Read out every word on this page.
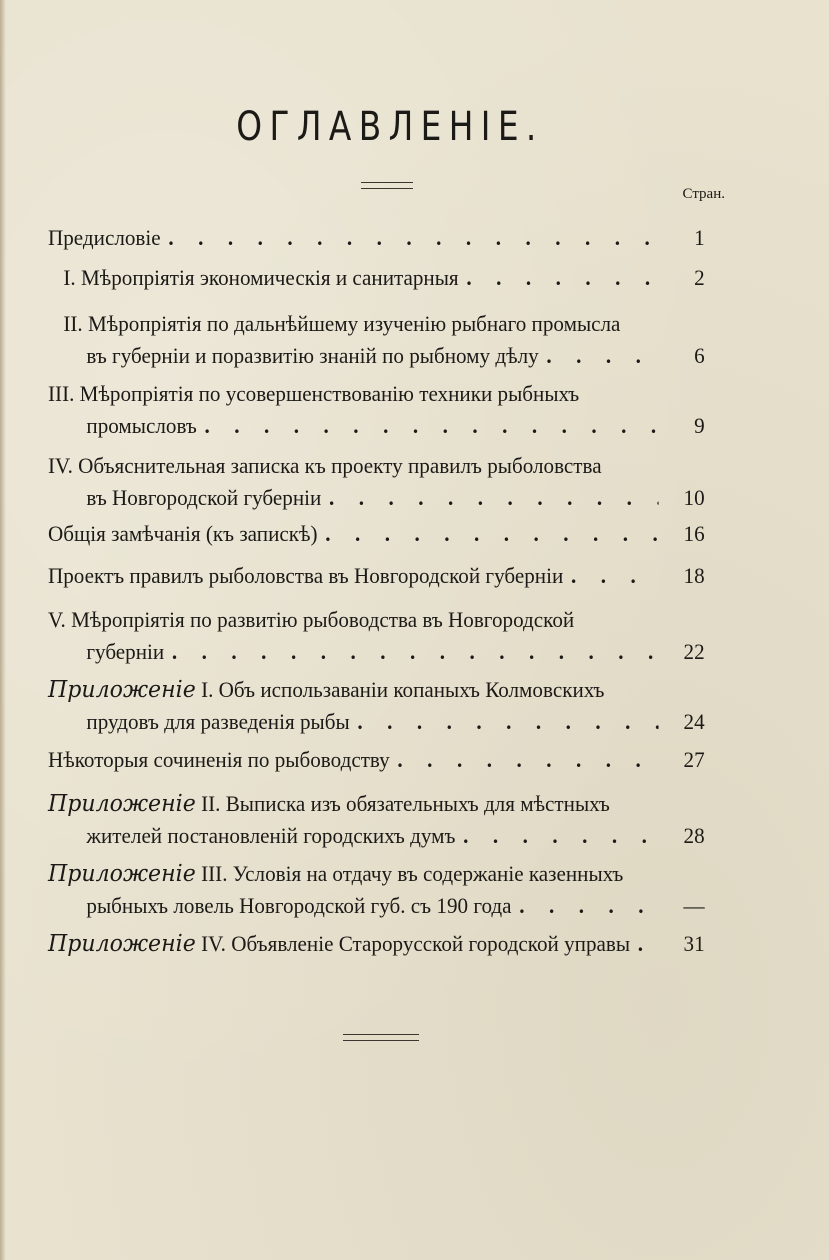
ОГЛАВЛЕНІЕ.
Стран.
Предисловіе . . .	1
I. Мѣропріятія экономическія и санитарныя . . .	2
II. Мѣропріятія по дальнѣйшему изученію рыбнаго промысла
въ губерніи и поразвитію знаній по рыбному дѣлу . . .	6
III. Мѣропріятія по усовершенствованію техники рыбныхъ
промысловъ . . .	9
IV. Объяснительная записка къ проекту правилъ рыболовства
въ Новгородской губерніи . . .	10
Общія замѣчанія (къ запискѣ) . . .	16
Проектъ правилъ рыболовства въ Новгородской губерніи . . .	18
V. Мѣропріятія по развитію рыбоводства въ Новгородской
губерніи . . .	22
Приложеніе I. Объ использаваніи копаныхъ Колмовскихъ
прудовъ для разведенія рыбы . . .	24
Нѣкоторыя сочиненія по рыбоводству . . .	27
Приложеніе II. Выписка изъ обязательныхъ для мѣстныхъ
жителей постановленій городскихъ думъ . . .	28
Приложеніе III. Условія на отдачу въ содержаніе казенныхъ
рыбныхъ ловель Новгородской губ. съ 190 года . . .	—
Приложеніе IV. Объявленіе Старорусской городской управы . . .	31
